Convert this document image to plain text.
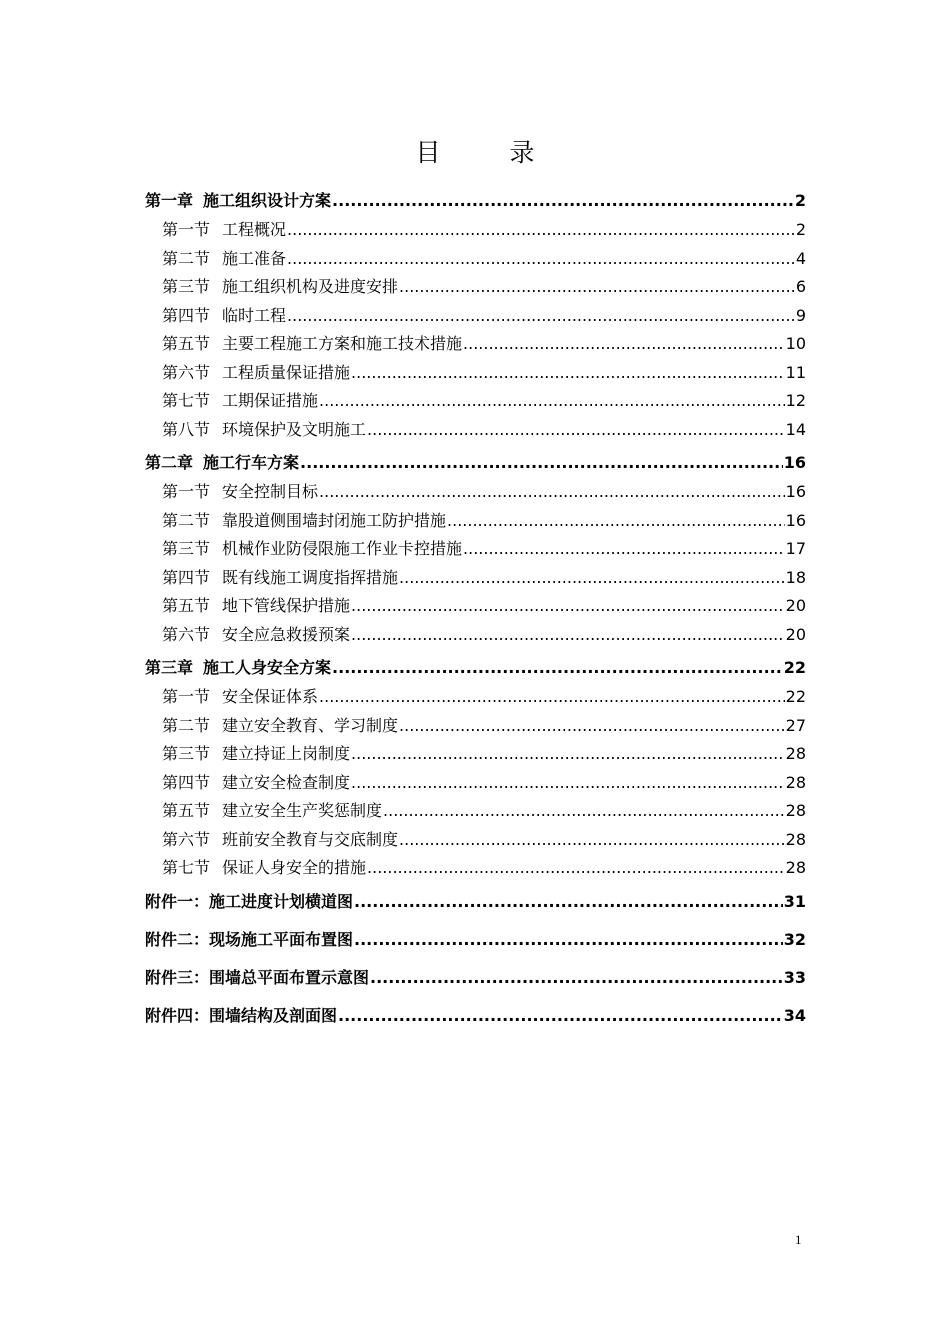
目　录
第一章 施工组织设计方案 .....	2
第一节 工程概况 .....	2
第二节 施工准备 .....	4
第三节 施工组织机构及进度安排 .....	6
第四节 临时工程 .....	9
第五节 主要工程施工方案和施工技术措施 .....	10
第六节 工程质量保证措施 .....	11
第七节 工期保证措施 .....	12
第八节 环境保护及文明施工 .....	14
第二章 施工行车方案 .....	16
第一节 安全控制目标 .....	16
第二节 靠股道侧围墙封闭施工防护措施 .....	16
第三节 机械作业防侵限施工作业卡控措施 .....	17
第四节 既有线施工调度指挥措施 .....	18
第五节 地下管线保护措施 .....	20
第六节 安全应急救援预案 .....	20
第三章 施工人身安全方案 .....	22
第一节 安全保证体系 .....	22
第二节 建立安全教育、学习制度 .....	27
第三节 建立持证上岗制度 .....	28
第四节 建立安全检查制度 .....	28
第五节 建立安全生产奖惩制度 .....	28
第六节 班前安全教育与交底制度 .....	28
第七节 保证人身安全的措施 .....	28
附件一：施工进度计划横道图 .....	31
附件二：现场施工平面布置图 .....	32
附件三：围墙总平面布置示意图 .....	33
附件四：围墙结构及剖面图 .....	34
1
